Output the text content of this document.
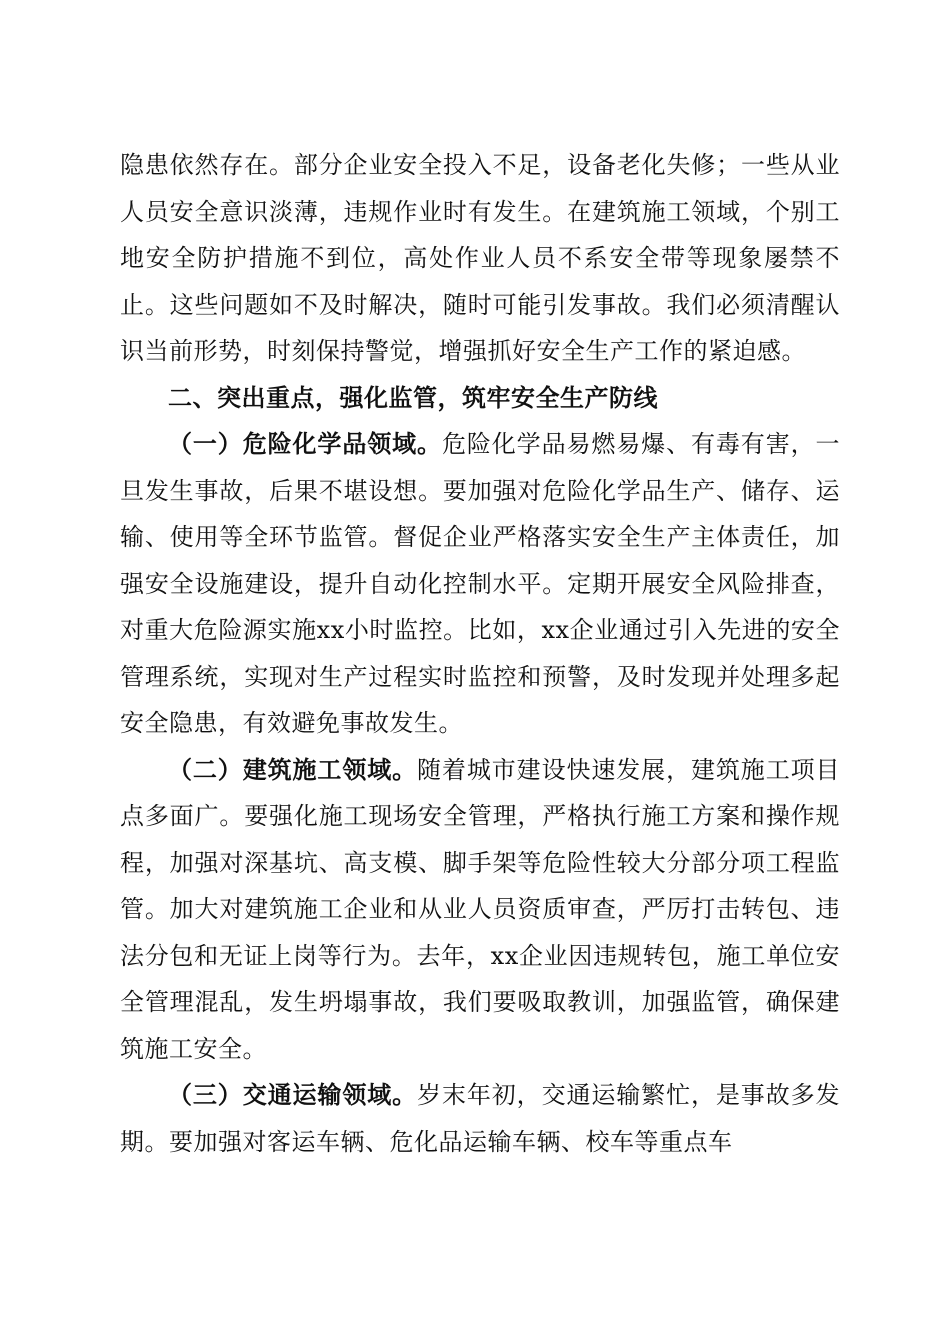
隐患依然存在。部分企业安全投入不足，设备老化失修；一些从业人员安全意识淡薄，违规作业时有发生。在建筑施工领域，个别工地安全防护措施不到位，高处作业人员不系安全带等现象屡禁不止。这些问题如不及时解决，随时可能引发事故。我们必须清醒认识当前形势，时刻保持警觉，增强抓好安全生产工作的紧迫感。

二、突出重点，强化监管，筑牢安全生产防线

（一）危险化学品领域。危险化学品易燃易爆、有毒有害，一旦发生事故，后果不堪设想。要加强对危险化学品生产、储存、运输、使用等全环节监管。督促企业严格落实安全生产主体责任，加强安全设施建设，提升自动化控制水平。定期开展安全风险排查，对重大危险源实施xx小时监控。比如，xx企业通过引入先进的安全管理系统，实现对生产过程实时监控和预警，及时发现并处理多起安全隐患，有效避免事故发生。

（二）建筑施工领域。随着城市建设快速发展，建筑施工项目点多面广。要强化施工现场安全管理，严格执行施工方案和操作规程，加强对深基坑、高支模、脚手架等危险性较大分部分项工程监管。加大对建筑施工企业和从业人员资质审查，严厉打击转包、违法分包和无证上岗等行为。去年，xx企业因违规转包，施工单位安全管理混乱，发生坍塌事故，我们要吸取教训，加强监管，确保建筑施工安全。

（三）交通运输领域。岁末年初，交通运输繁忙，是事故多发期。要加强对客运车辆、危化品运输车辆、校车等重点车
